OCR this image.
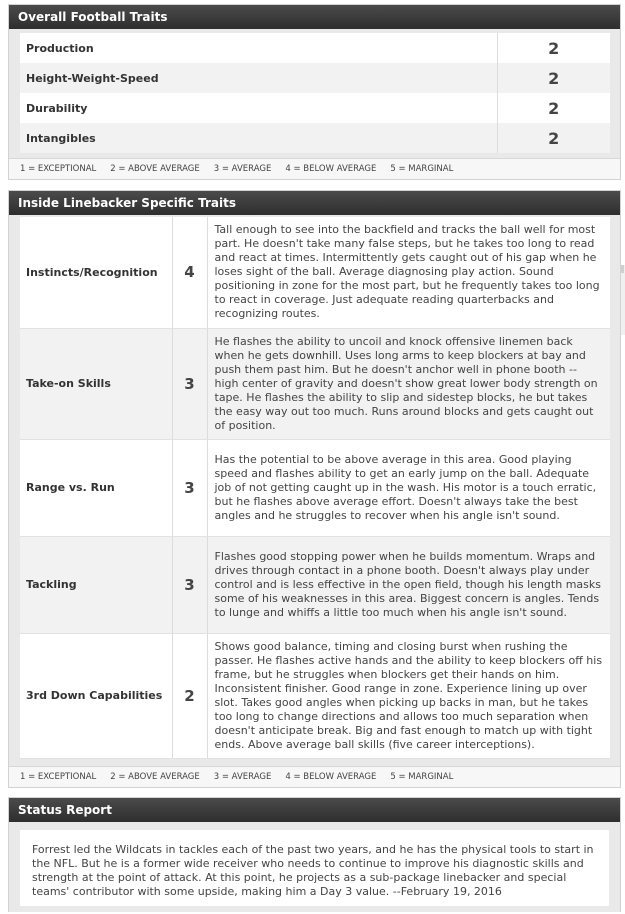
Overall Football Traits
Production	2
Height-Weight-Speed	2
Durability	2
Intangibles	2
1 = EXCEPTIONAL 2 = ABOVE AVERAGE 3 = AVERAGE 4 = BELOW AVERAGE 5 = MARGINAL
Inside Linebacker Specific Traits
Instincts/Recognition	4	Tall enough to see into the backfield and tracks the ball well for most part. He doesn't take many false steps, but he takes too long to read and react at times. Intermittently gets caught out of his gap when he loses sight of the ball. Average diagnosing play action. Sound positioning in zone for the most part, but he frequently takes too long to react in coverage. Just adequate reading quarterbacks and recognizing routes.
Take-on Skills	3	He flashes the ability to uncoil and knock offensive linemen back when he gets downhill. Uses long arms to keep blockers at bay and push them past him. But he doesn't anchor well in phone booth -- high center of gravity and doesn't show great lower body strength on tape. He flashes the ability to slip and sidestep blocks, he but takes the easy way out too much. Runs around blocks and gets caught out of position.
Range vs. Run	3	Has the potential to be above average in this area. Good playing speed and flashes ability to get an early jump on the ball. Adequate job of not getting caught up in the wash. His motor is a touch erratic, but he flashes above average effort. Doesn't always take the best angles and he struggles to recover when his angle isn't sound.
Tackling	3	Flashes good stopping power when he builds momentum. Wraps and drives through contact in a phone booth. Doesn't always play under control and is less effective in the open field, though his length masks some of his weaknesses in this area. Biggest concern is angles. Tends to lunge and whiffs a little too much when his angle isn't sound.
3rd Down Capabilities	2	Shows good balance, timing and closing burst when rushing the passer. He flashes active hands and the ability to keep blockers off his frame, but he struggles when blockers get their hands on him. Inconsistent finisher. Good range in zone. Experience lining up over slot. Takes good angles when picking up backs in man, but he takes too long to change directions and allows too much separation when doesn't anticipate break. Big and fast enough to match up with tight ends. Above average ball skills (five career interceptions).
1 = EXCEPTIONAL 2 = ABOVE AVERAGE 3 = AVERAGE 4 = BELOW AVERAGE 5 = MARGINAL
Status Report
Forrest led the Wildcats in tackles each of the past two years, and he has the physical tools to start in the NFL. But he is a former wide receiver who needs to continue to improve his diagnostic skills and strength at the point of attack. At this point, he projects as a sub-package linebacker and special teams' contributor with some upside, making him a Day 3 value. --February 19, 2016
